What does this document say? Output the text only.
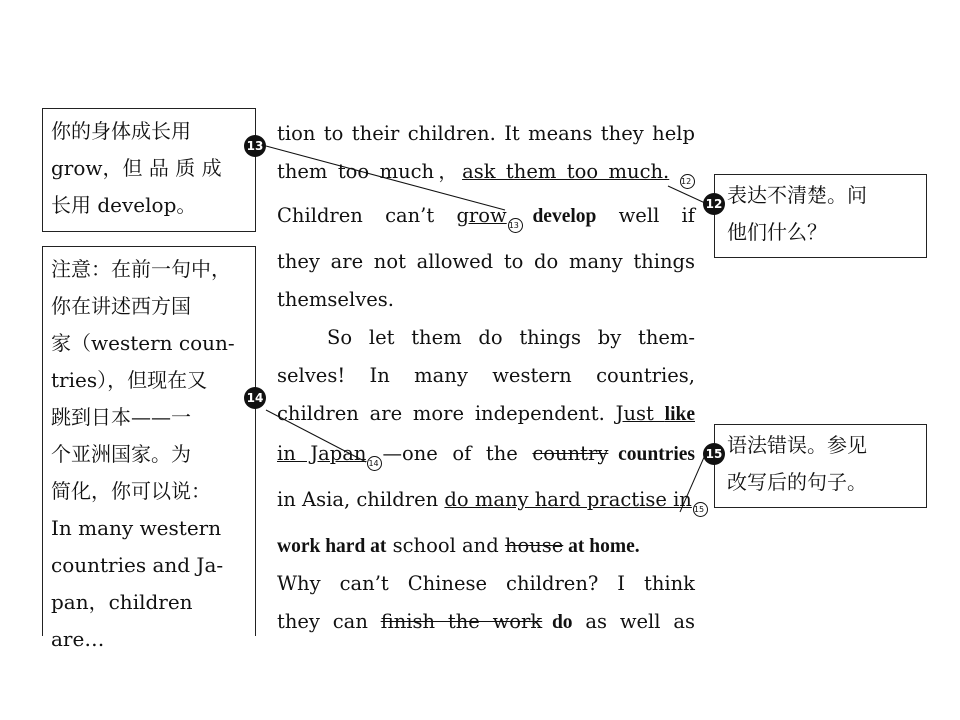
你的身体成长用
grow，但 品 质 成
长用 develop。
注意：在前一句中，
你在讲述西方国
家（western coun-
tries），但现在又
跳到日本——一
个亚洲国家。为
简化，你可以说：
In many western
countries and Ja-
pan，children are…
表达不清楚。问
他们什么？
语法错误。参见
改写后的句子。
13
14
12
15
tion to their children. It means they help
them too much，ask them too much.  12
Children can’t grow 13  develop well if
they are not allowed to do many things
themselves.
So let them do things by them-
selves! In many western countries,
children are more independent. Just like
in Japan 14 —one of the country  countries
in Asia, children do many hard practise in 15
work hard at school and house at home.
Why can’t Chinese children? I think
they can finish the work  do as well as
